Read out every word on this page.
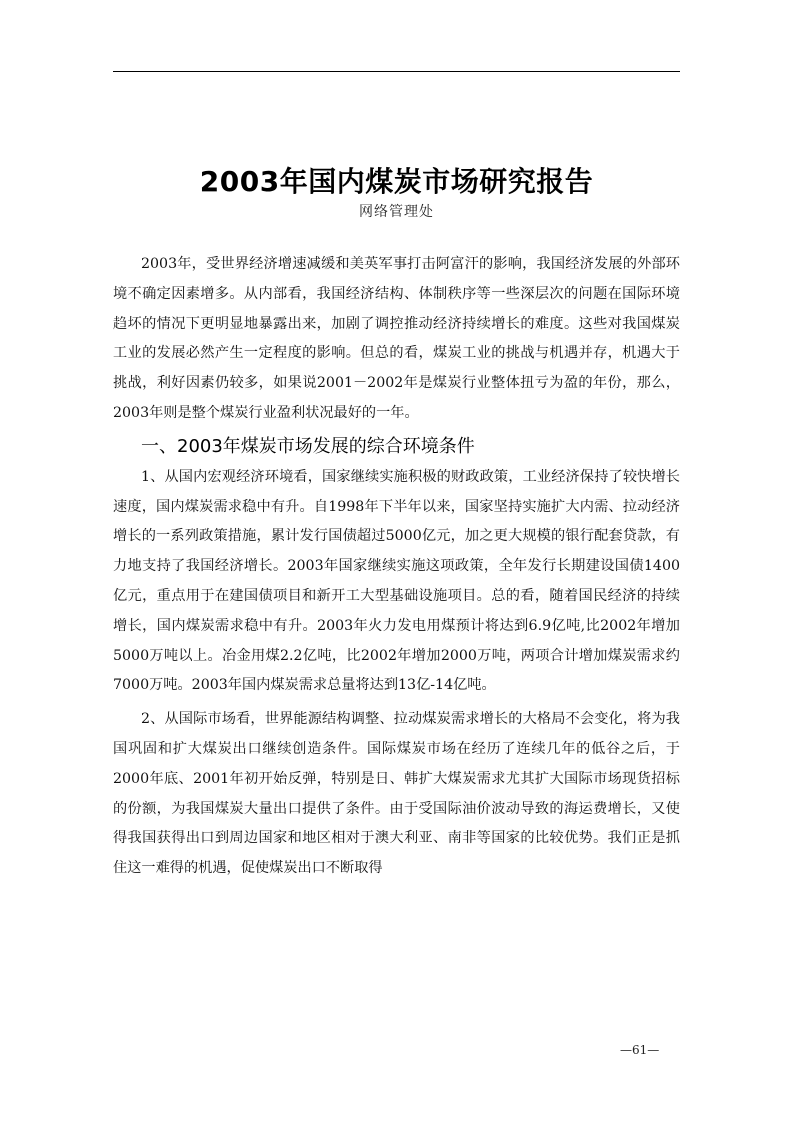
2003年国内煤炭市场研究报告
网络管理处

2003年，受世界经济增速减缓和美英军事打击阿富汗的影响，我国经济发展的外部环境不确定因素增多。从内部看，我国经济结构、体制秩序等一些深层次的问题在国际环境趋坏的情况下更明显地暴露出来，加剧了调控推动经济持续增长的难度。这些对我国煤炭工业的发展必然产生一定程度的影响。但总的看，煤炭工业的挑战与机遇并存，机遇大于挑战，利好因素仍较多，如果说2001－2002年是煤炭行业整体扭亏为盈的年份，那么，2003年则是整个煤炭行业盈利状况最好的一年。

一、2003年煤炭市场发展的综合环境条件

1、从国内宏观经济环境看，国家继续实施积极的财政政策，工业经济保持了较快增长速度，国内煤炭需求稳中有升。自1998年下半年以来，国家坚持实施扩大内需、拉动经济增长的一系列政策措施，累计发行国债超过5000亿元，加之更大规模的银行配套贷款，有力地支持了我国经济增长。2003年国家继续实施这项政策，全年发行长期建设国债1400亿元，重点用于在建国债项目和新开工大型基础设施项目。总的看，随着国民经济的持续增长，国内煤炭需求稳中有升。2003年火力发电用煤预计将达到6.9亿吨,比2002年增加5000万吨以上。冶金用煤2.2亿吨，比2002年增加2000万吨，两项合计增加煤炭需求约7000万吨。2003年国内煤炭需求总量将达到13亿-14亿吨。

2、从国际市场看，世界能源结构调整、拉动煤炭需求增长的大格局不会变化，将为我国巩固和扩大煤炭出口继续创造条件。国际煤炭市场在经历了连续几年的低谷之后，于2000年底、2001年初开始反弹，特别是日、韩扩大煤炭需求尤其扩大国际市场现货招标的份额，为我国煤炭大量出口提供了条件。由于受国际油价波动导致的海运费增长，又使得我国获得出口到周边国家和地区相对于澳大利亚、南非等国家的比较优势。我们正是抓住这一难得的机遇，促使煤炭出口不断取得

—61—
